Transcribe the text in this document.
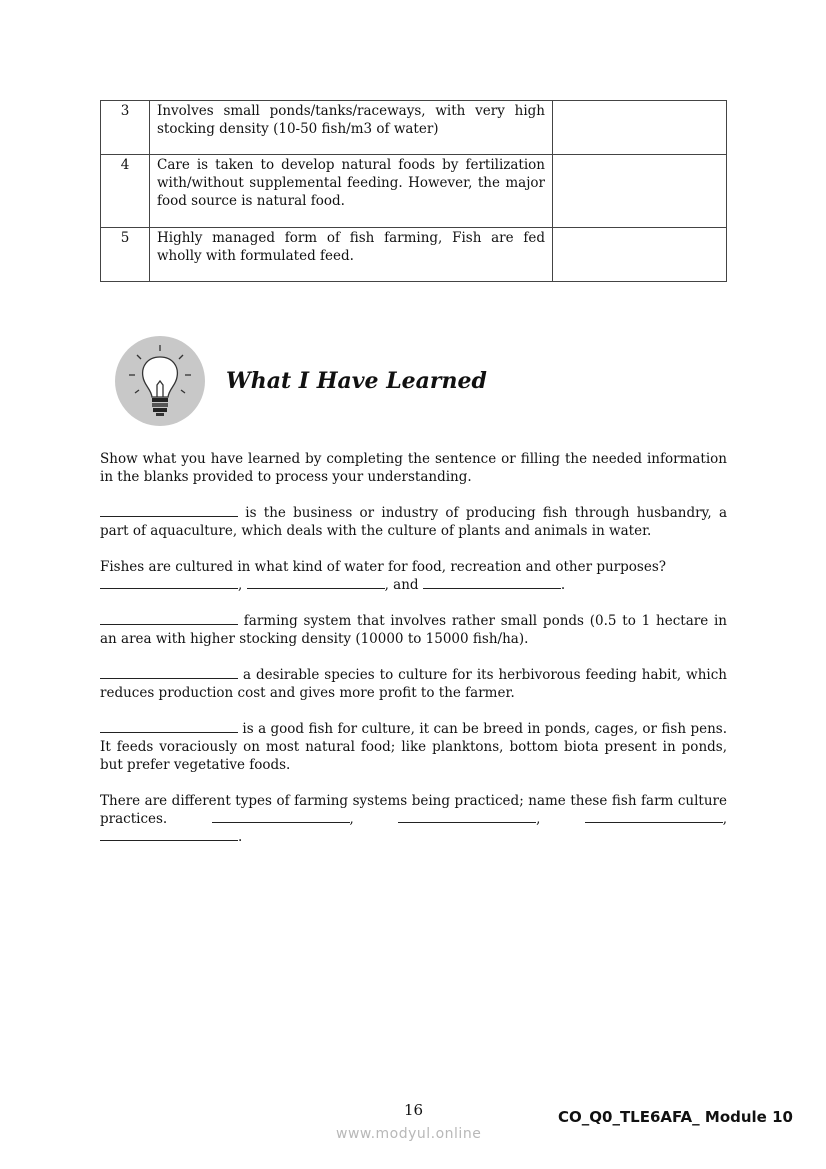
3	Involves small ponds/tanks/raceways, with very high stocking density (10-50 fish/m3 of water)	
4	Care is taken to develop natural foods by fertilization with/without supplemental feeding. However, the major food source is natural food.	
5	Highly managed form of fish farming, Fish are fed wholly with formulated feed.	
What I Have Learned

Show what you have learned by completing the sentence or filling the needed information in the blanks provided to process your understanding.

is the business or industry of producing fish through husbandry, a part of aquaculture, which deals with the culture of plants and animals in water.

Fishes are cultured in what kind of water for food, recreation and other purposes?
,	, and	.

farming system that involves rather small ponds (0.5 to 1 hectare in an area with higher stocking density (10000 to 15000 fish/ha).

a desirable species to culture for its herbivorous feeding habit, which reduces production cost and gives more profit to the farmer.

is a good fish for culture, it can be breed in ponds, cages, or fish pens. It feeds voraciously on most natural food; like planktons, bottom biota present in ponds, but prefer vegetative foods.

There are different types of farming systems being practiced; name these fish farm culture practices.	,	,	, .

16	CO_Q0_TLE6AFA_ Module 10
www.modyul.online
